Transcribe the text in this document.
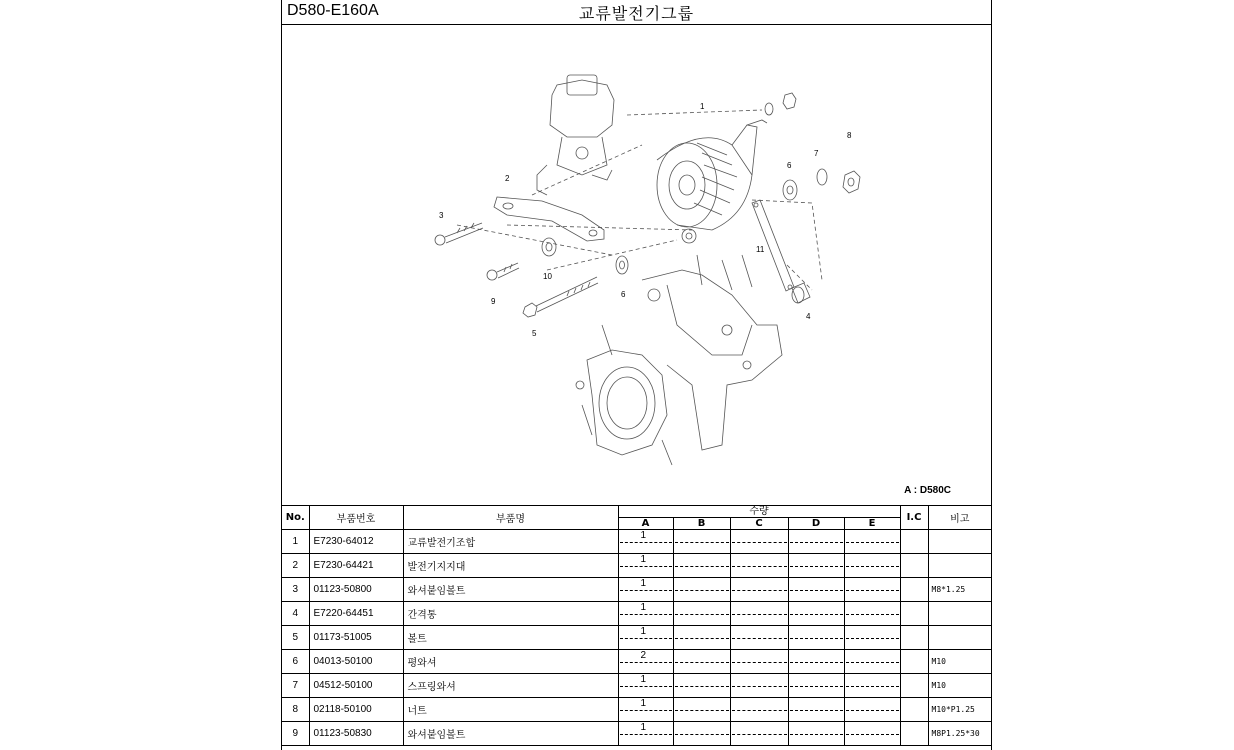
D580-E160A	교류발전기그룹
1
2
3
4
5
6
6
7
8
9
10
11
A : D580C
No.	부품번호	부품명	수량					I.C	비고
			A	B	C	D	E		
1	E7230-64012	교류발전기조합	1						

2	E7230-64421	발전기지지대	1						

3	01123-50800	와셔붙임볼트	1						M8*1.25
4	E7220-64451	간격통	1						

5	01173-51005	볼트	1						

6	04013-50100	평와셔	2						M10
7	04512-50100	스프링와셔	1						M10
8	02118-50100	너트	1						M10*P1.25
9	01123-50830	와셔붙임볼트	1						M8P1.25*30
